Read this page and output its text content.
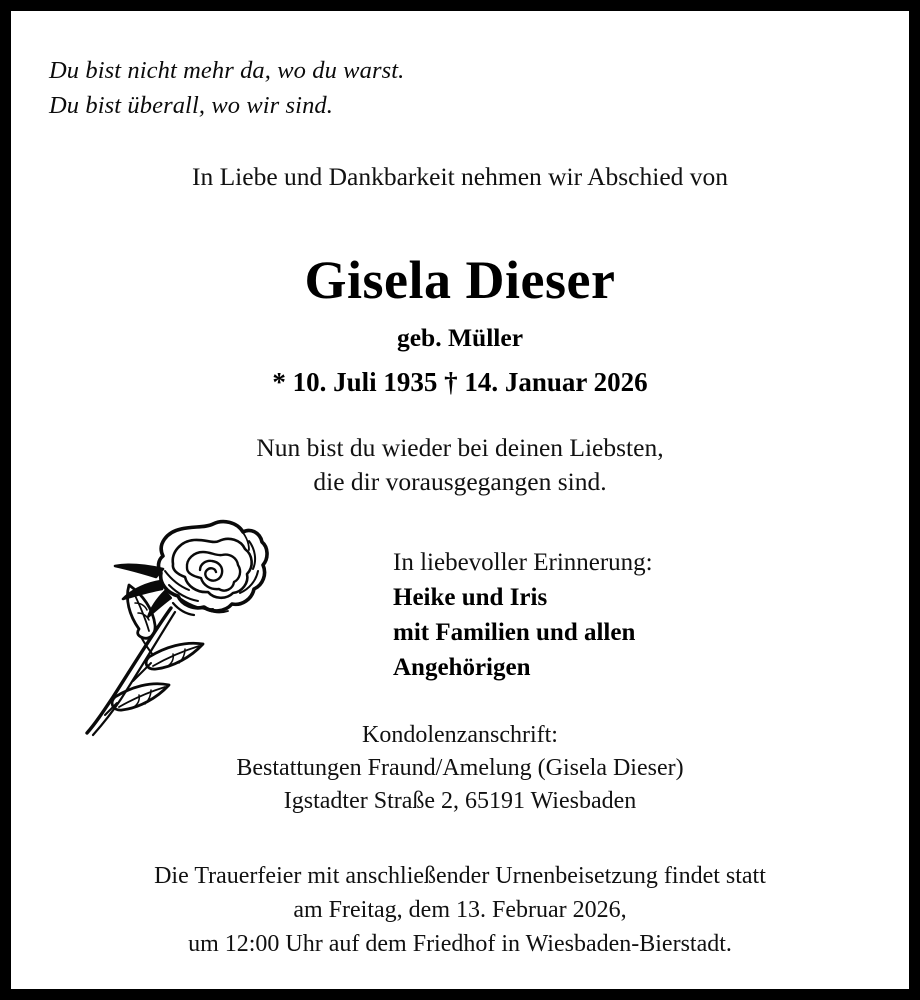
Du bist nicht mehr da, wo du warst.
Du bist überall, wo wir sind.
In Liebe und Dankbarkeit nehmen wir Abschied von
Gisela Dieser
geb. Müller
* 10. Juli 1935 † 14. Januar 2026
Nun bist du wieder bei deinen Liebsten,
die dir vorausgegangen sind.
In liebevoller Erinnerung:
Heike und Iris
mit Familien und allen
Angehörigen
Kondolenzanschrift:
Bestattungen Fraund/Amelung (Gisela Dieser)
Igstadter Straße 2, 65191 Wiesbaden
Die Trauerfeier mit anschließender Urnenbeisetzung findet statt
am Freitag, dem 13. Februar 2026,
um 12:00 Uhr auf dem Friedhof in Wiesbaden-Bierstadt.
